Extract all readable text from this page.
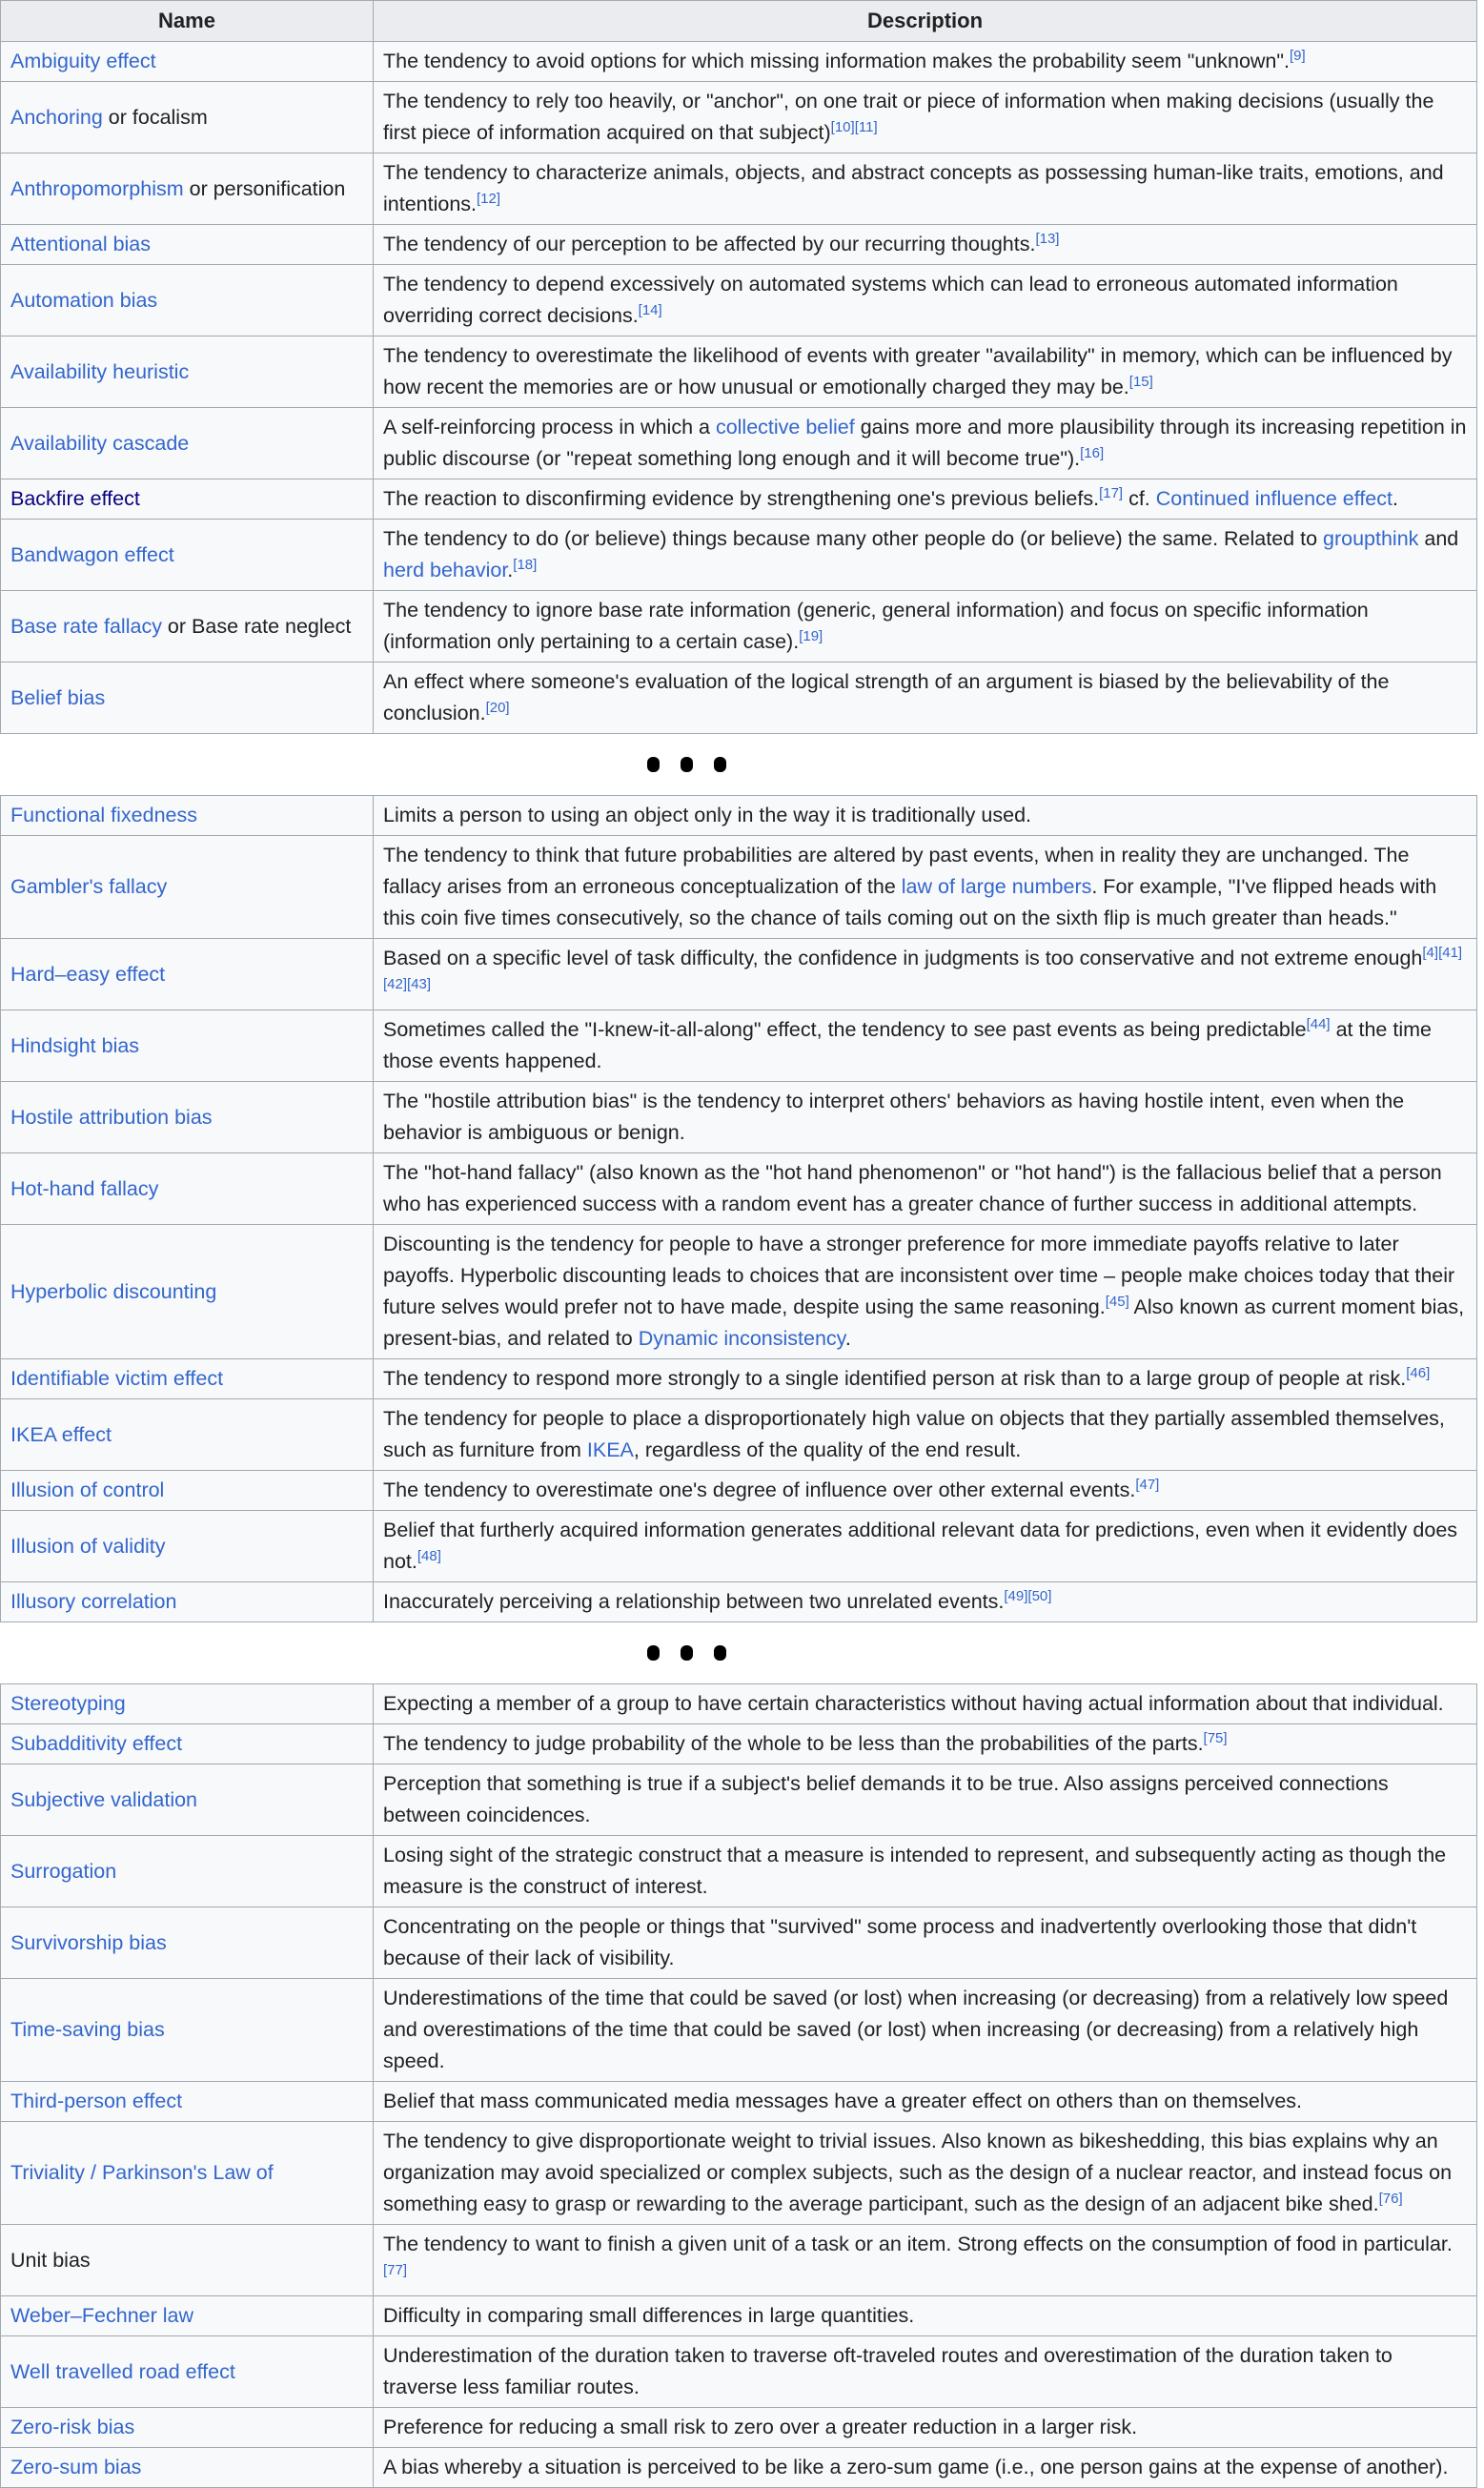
Name	Description
Ambiguity effect	The tendency to avoid options for which missing information makes the probability seem "unknown".[9]
Anchoring or focalism	The tendency to rely too heavily, or "anchor", on one trait or piece of information when making decisions (usually the first piece of information acquired on that subject)[10][11]
Anthropomorphism or personification	The tendency to characterize animals, objects, and abstract concepts as possessing human-like traits, emotions, and intentions.[12]
Attentional bias	The tendency of our perception to be affected by our recurring thoughts.[13]
Automation bias	The tendency to depend excessively on automated systems which can lead to erroneous automated information overriding correct decisions.[14]
Availability heuristic	The tendency to overestimate the likelihood of events with greater "availability" in memory, which can be influenced by how recent the memories are or how unusual or emotionally charged they may be.[15]
Availability cascade	A self-reinforcing process in which a collective belief gains more and more plausibility through its increasing repetition in public discourse (or "repeat something long enough and it will become true").[16]
Backfire effect	The reaction to disconfirming evidence by strengthening one's previous beliefs.[17] cf. Continued influence effect.
Bandwagon effect	The tendency to do (or believe) things because many other people do (or believe) the same. Related to groupthink and herd behavior.[18]
Base rate fallacy or Base rate neglect	The tendency to ignore base rate information (generic, general information) and focus on specific information (information only pertaining to a certain case).[19]
Belief bias	An effect where someone's evaluation of the logical strength of an argument is biased by the believability of the conclusion.[20]
Functional fixedness	Limits a person to using an object only in the way it is traditionally used.
Gambler's fallacy	The tendency to think that future probabilities are altered by past events, when in reality they are unchanged. The fallacy arises from an erroneous conceptualization of the law of large numbers. For example, "I've flipped heads with this coin five times consecutively, so the chance of tails coming out on the sixth flip is much greater than heads."
Hard–easy effect	Based on a specific level of task difficulty, the confidence in judgments is too conservative and not extreme enough[4][41][42][43]
Hindsight bias	Sometimes called the "I-knew-it-all-along" effect, the tendency to see past events as being predictable[44] at the time those events happened.
Hostile attribution bias	The "hostile attribution bias" is the tendency to interpret others' behaviors as having hostile intent, even when the behavior is ambiguous or benign.
Hot-hand fallacy	The "hot-hand fallacy" (also known as the "hot hand phenomenon" or "hot hand") is the fallacious belief that a person who has experienced success with a random event has a greater chance of further success in additional attempts.
Hyperbolic discounting	Discounting is the tendency for people to have a stronger preference for more immediate payoffs relative to later payoffs. Hyperbolic discounting leads to choices that are inconsistent over time – people make choices today that their future selves would prefer not to have made, despite using the same reasoning.[45] Also known as current moment bias, present-bias, and related to Dynamic inconsistency.
Identifiable victim effect	The tendency to respond more strongly to a single identified person at risk than to a large group of people at risk.[46]
IKEA effect	The tendency for people to place a disproportionately high value on objects that they partially assembled themselves, such as furniture from IKEA, regardless of the quality of the end result.
Illusion of control	The tendency to overestimate one's degree of influence over other external events.[47]
Illusion of validity	Belief that furtherly acquired information generates additional relevant data for predictions, even when it evidently does not.[48]
Illusory correlation	Inaccurately perceiving a relationship between two unrelated events.[49][50]
Stereotyping	Expecting a member of a group to have certain characteristics without having actual information about that individual.
Subadditivity effect	The tendency to judge probability of the whole to be less than the probabilities of the parts.[75]
Subjective validation	Perception that something is true if a subject's belief demands it to be true. Also assigns perceived connections between coincidences.
Surrogation	Losing sight of the strategic construct that a measure is intended to represent, and subsequently acting as though the measure is the construct of interest.
Survivorship bias	Concentrating on the people or things that "survived" some process and inadvertently overlooking those that didn't because of their lack of visibility.
Time-saving bias	Underestimations of the time that could be saved (or lost) when increasing (or decreasing) from a relatively low speed and overestimations of the time that could be saved (or lost) when increasing (or decreasing) from a relatively high speed.
Third-person effect	Belief that mass communicated media messages have a greater effect on others than on themselves.
Triviality / Parkinson's Law of	The tendency to give disproportionate weight to trivial issues. Also known as bikeshedding, this bias explains why an organization may avoid specialized or complex subjects, such as the design of a nuclear reactor, and instead focus on something easy to grasp or rewarding to the average participant, such as the design of an adjacent bike shed.[76]
Unit bias	The tendency to want to finish a given unit of a task or an item. Strong effects on the consumption of food in particular.[77]
Weber–Fechner law	Difficulty in comparing small differences in large quantities.
Well travelled road effect	Underestimation of the duration taken to traverse oft-traveled routes and overestimation of the duration taken to traverse less familiar routes.
Zero-risk bias	Preference for reducing a small risk to zero over a greater reduction in a larger risk.
Zero-sum bias	A bias whereby a situation is perceived to be like a zero-sum game (i.e., one person gains at the expense of another).
